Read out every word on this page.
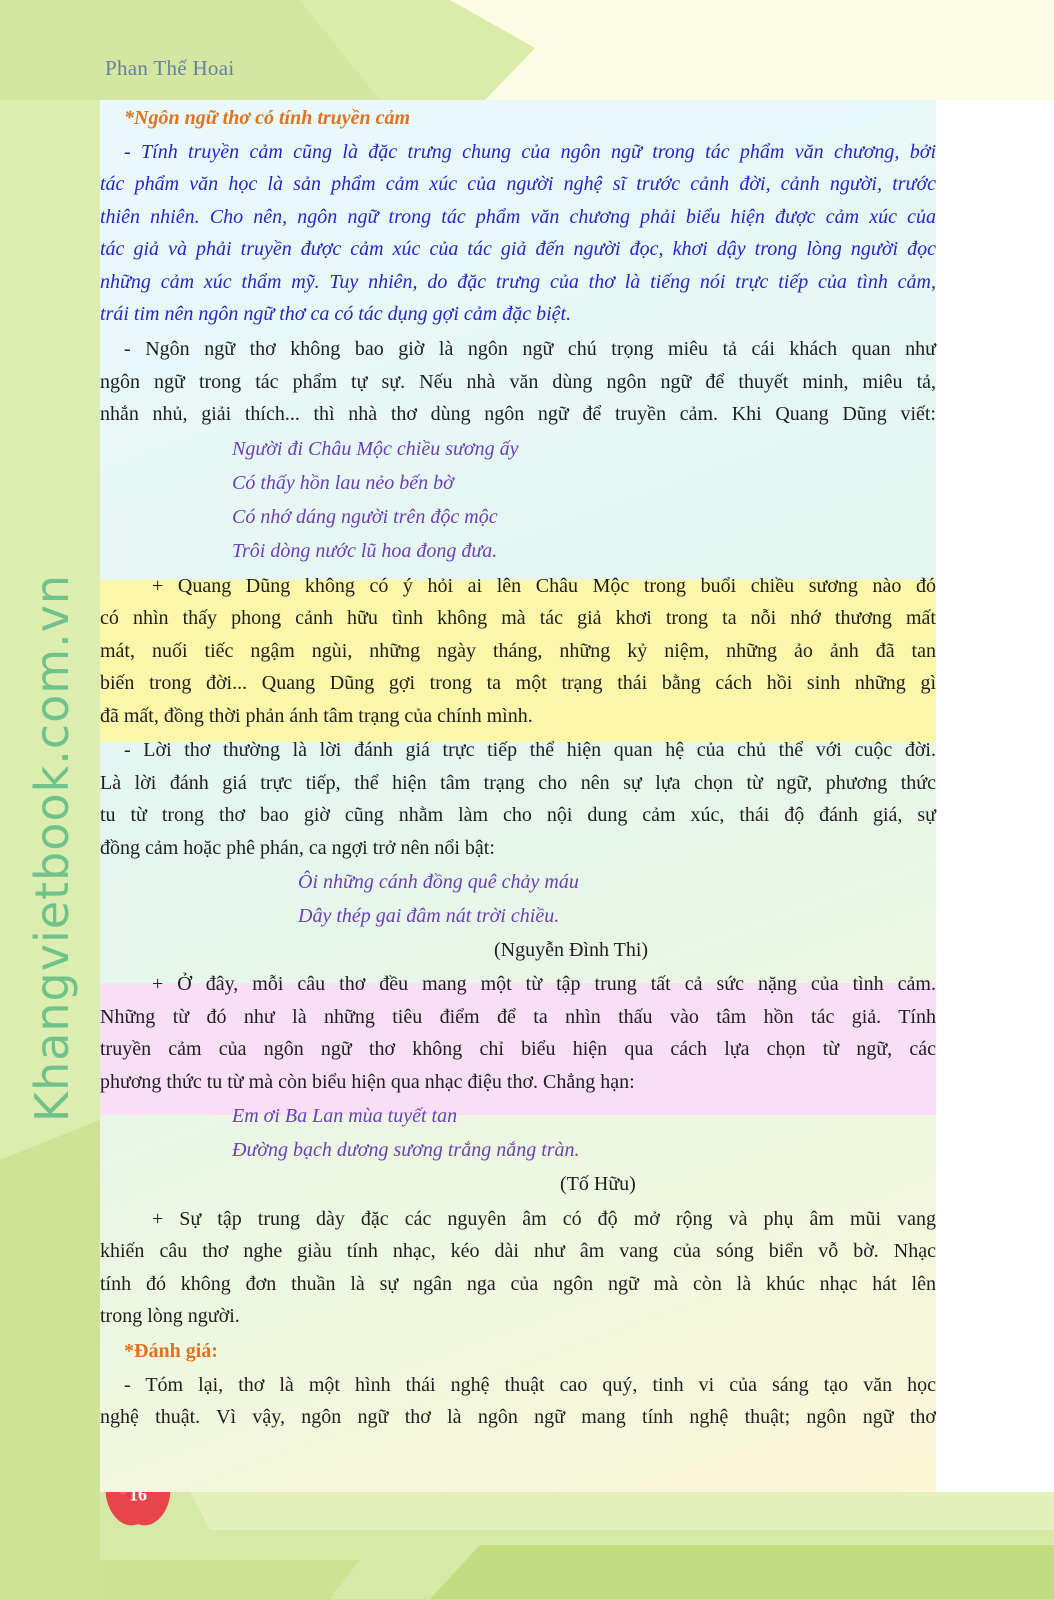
Phan Thế Hoai
Khangvietbook.com.vn
*Ngôn ngữ thơ có tính truyền cảm
- Tính truyền cảm cũng là đặc trưng chung của ngôn ngữ trong tác phẩm văn chương, bởi
tác phẩm văn học là sản phẩm cảm xúc của người nghệ sĩ trước cảnh đời, cảnh người, trước
thiên nhiên. Cho nên, ngôn ngữ trong tác phẩm văn chương phải biểu hiện được cảm xúc của
tác giả và phải truyền được cảm xúc của tác giả đến người đọc, khơi dậy trong lòng người đọc
những cảm xúc thẩm mỹ. Tuy nhiên, do đặc trưng của thơ là tiếng nói trực tiếp của tình cảm,
trái tim nên ngôn ngữ thơ ca có tác dụng gợi cảm đặc biệt.
- Ngôn ngữ thơ không bao giờ là ngôn ngữ chú trọng miêu tả cái khách quan như
ngôn ngữ trong tác phẩm tự sự. Nếu nhà văn dùng ngôn ngữ để thuyết minh, miêu tả,
nhắn nhủ, giải thích... thì nhà thơ dùng ngôn ngữ để truyền cảm. Khi Quang Dũng viết:
Người đi Châu Mộc chiều sương ấy
Có thấy hồn lau nẻo bến bờ
Có nhớ dáng người trên độc mộc
Trôi dòng nước lũ hoa đong đưa.
+ Quang Dũng không có ý hỏi ai lên Châu Mộc trong buổi chiều sương nào đó
có nhìn thấy phong cảnh hữu tình không mà tác giả khơi trong ta nỗi nhớ thương mất
mát, nuối tiếc ngậm ngùi, những ngày tháng, những kỷ niệm, những ảo ảnh đã tan
biến trong đời... Quang Dũng gợi trong ta một trạng thái bằng cách hồi sinh những gì
đã mất, đồng thời phản ánh tâm trạng của chính mình.
- Lời thơ thường là lời đánh giá trực tiếp thể hiện quan hệ của chủ thể với cuộc đời.
Là lời đánh giá trực tiếp, thể hiện tâm trạng cho nên sự lựa chọn từ ngữ, phương thức
tu từ trong thơ bao giờ cũng nhằm làm cho nội dung cảm xúc, thái độ đánh giá, sự
đồng cảm hoặc phê phán, ca ngợi trở nên nổi bật:
Ôi những cánh đồng quê chảy máu
Dây thép gai đâm nát trời chiều.
(Nguyễn Đình Thi)
+ Ở đây, mỗi câu thơ đều mang một từ tập trung tất cả sức nặng của tình cảm.
Những từ đó như là những tiêu điểm để ta nhìn thấu vào tâm hồn tác giả. Tính
truyền cảm của ngôn ngữ thơ không chỉ biểu hiện qua cách lựa chọn từ ngữ, các
phương thức tu từ mà còn biểu hiện qua nhạc điệu thơ. Chẳng hạn:
Em ơi Ba Lan mùa tuyết tan
Đường bạch dương sương trắng nắng tràn.
(Tố Hữu)
+ Sự tập trung dày đặc các nguyên âm có độ mở rộng và phụ âm mũi vang
khiến câu thơ nghe giàu tính nhạc, kéo dài như âm vang của sóng biển vỗ bờ. Nhạc
tính đó không đơn thuần là sự ngân nga của ngôn ngữ mà còn là khúc nhạc hát lên
trong lòng người.
*Đánh giá:
- Tóm lại, thơ là một hình thái nghệ thuật cao quý, tinh vi của sáng tạo văn học
nghệ thuật. Vì vậy, ngôn ngữ thơ là ngôn ngữ mang tính nghệ thuật; ngôn ngữ thơ
16
